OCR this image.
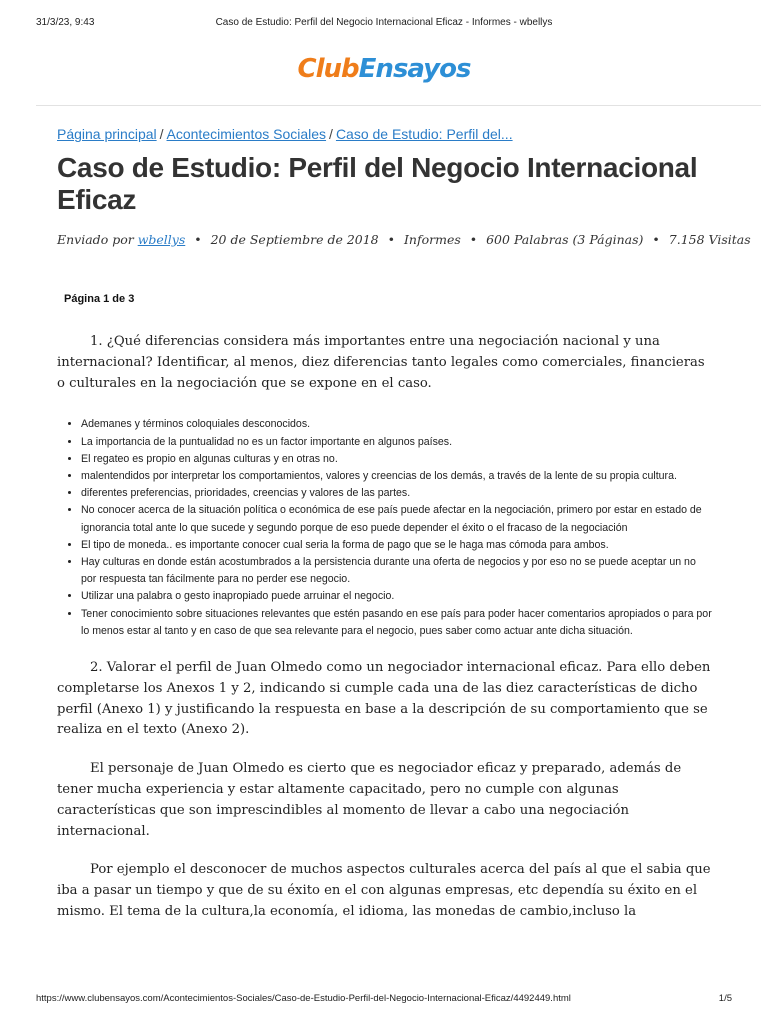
31/3/23, 9:43	Caso de Estudio: Perfil del Negocio Internacional Eficaz - Informes - wbellys
ClubEnsayos
Página principal / Acontecimientos Sociales / Caso de Estudio: Perfil del...
Caso de Estudio: Perfil del Negocio Internacional Eficaz
Enviado por wbellys • 20 de Septiembre de 2018 • Informes • 600 Palabras (3 Páginas) • 7.158 Visitas
Página 1 de 3

1. ¿Qué diferencias considera más importantes entre una negociación nacional y una internacional? Identificar, al menos, diez diferencias tanto legales como comerciales, financieras o culturales en la negociación que se expone en el caso.

• Ademanes y términos coloquiales desconocidos.
• La importancia de la puntualidad no es un factor importante en algunos países.
• El regateo es propio en algunas culturas y en otras no.
• malentendidos por interpretar los comportamientos, valores y creencias de los demás, a través de la lente de su propia cultura.
• diferentes preferencias, prioridades, creencias y valores de las partes.
• No conocer acerca de la situación política o económica de ese país puede afectar en la negociación, primero por estar en estado de ignorancia total ante lo que sucede y segundo porque de eso puede depender el éxito o el fracaso de la negociación
• El tipo de moneda.. es importante conocer cual seria la forma de pago que se le haga mas cómoda para ambos.
• Hay culturas en donde están acostumbrados a la persistencia durante una oferta de negocios y por eso no se puede aceptar un no por respuesta tan fácilmente para no perder ese negocio.
• Utilizar una palabra o gesto inapropiado puede arruinar el negocio.
• Tener conocimiento sobre situaciones relevantes que estén pasando en ese país para poder hacer comentarios apropiados o para por lo menos estar al tanto y en caso de que sea relevante para el negocio, pues saber como actuar ante dicha situación.

2. Valorar el perfil de Juan Olmedo como un negociador internacional eficaz. Para ello deben completarse los Anexos 1 y 2, indicando si cumple cada una de las diez características de dicho perfil (Anexo 1) y justificando la respuesta en base a la descripción de su comportamiento que se realiza en el texto (Anexo 2).

El personaje de Juan Olmedo es cierto que es negociador eficaz y preparado, además de tener mucha experiencia y estar altamente capacitado, pero no cumple con algunas características que son imprescindibles al momento de llevar a cabo una negociación internacional.

Por ejemplo el desconocer de muchos aspectos culturales acerca del país al que el sabia que iba a pasar un tiempo y que de su éxito en el con algunas empresas, etc dependía su éxito en el mismo. El tema de la cultura,la economía, el idioma, las monedas de cambio,incluso la

https://www.clubensayos.com/Acontecimientos-Sociales/Caso-de-Estudio-Perfil-del-Negocio-Internacional-Eficaz/4492449.html	1/5
